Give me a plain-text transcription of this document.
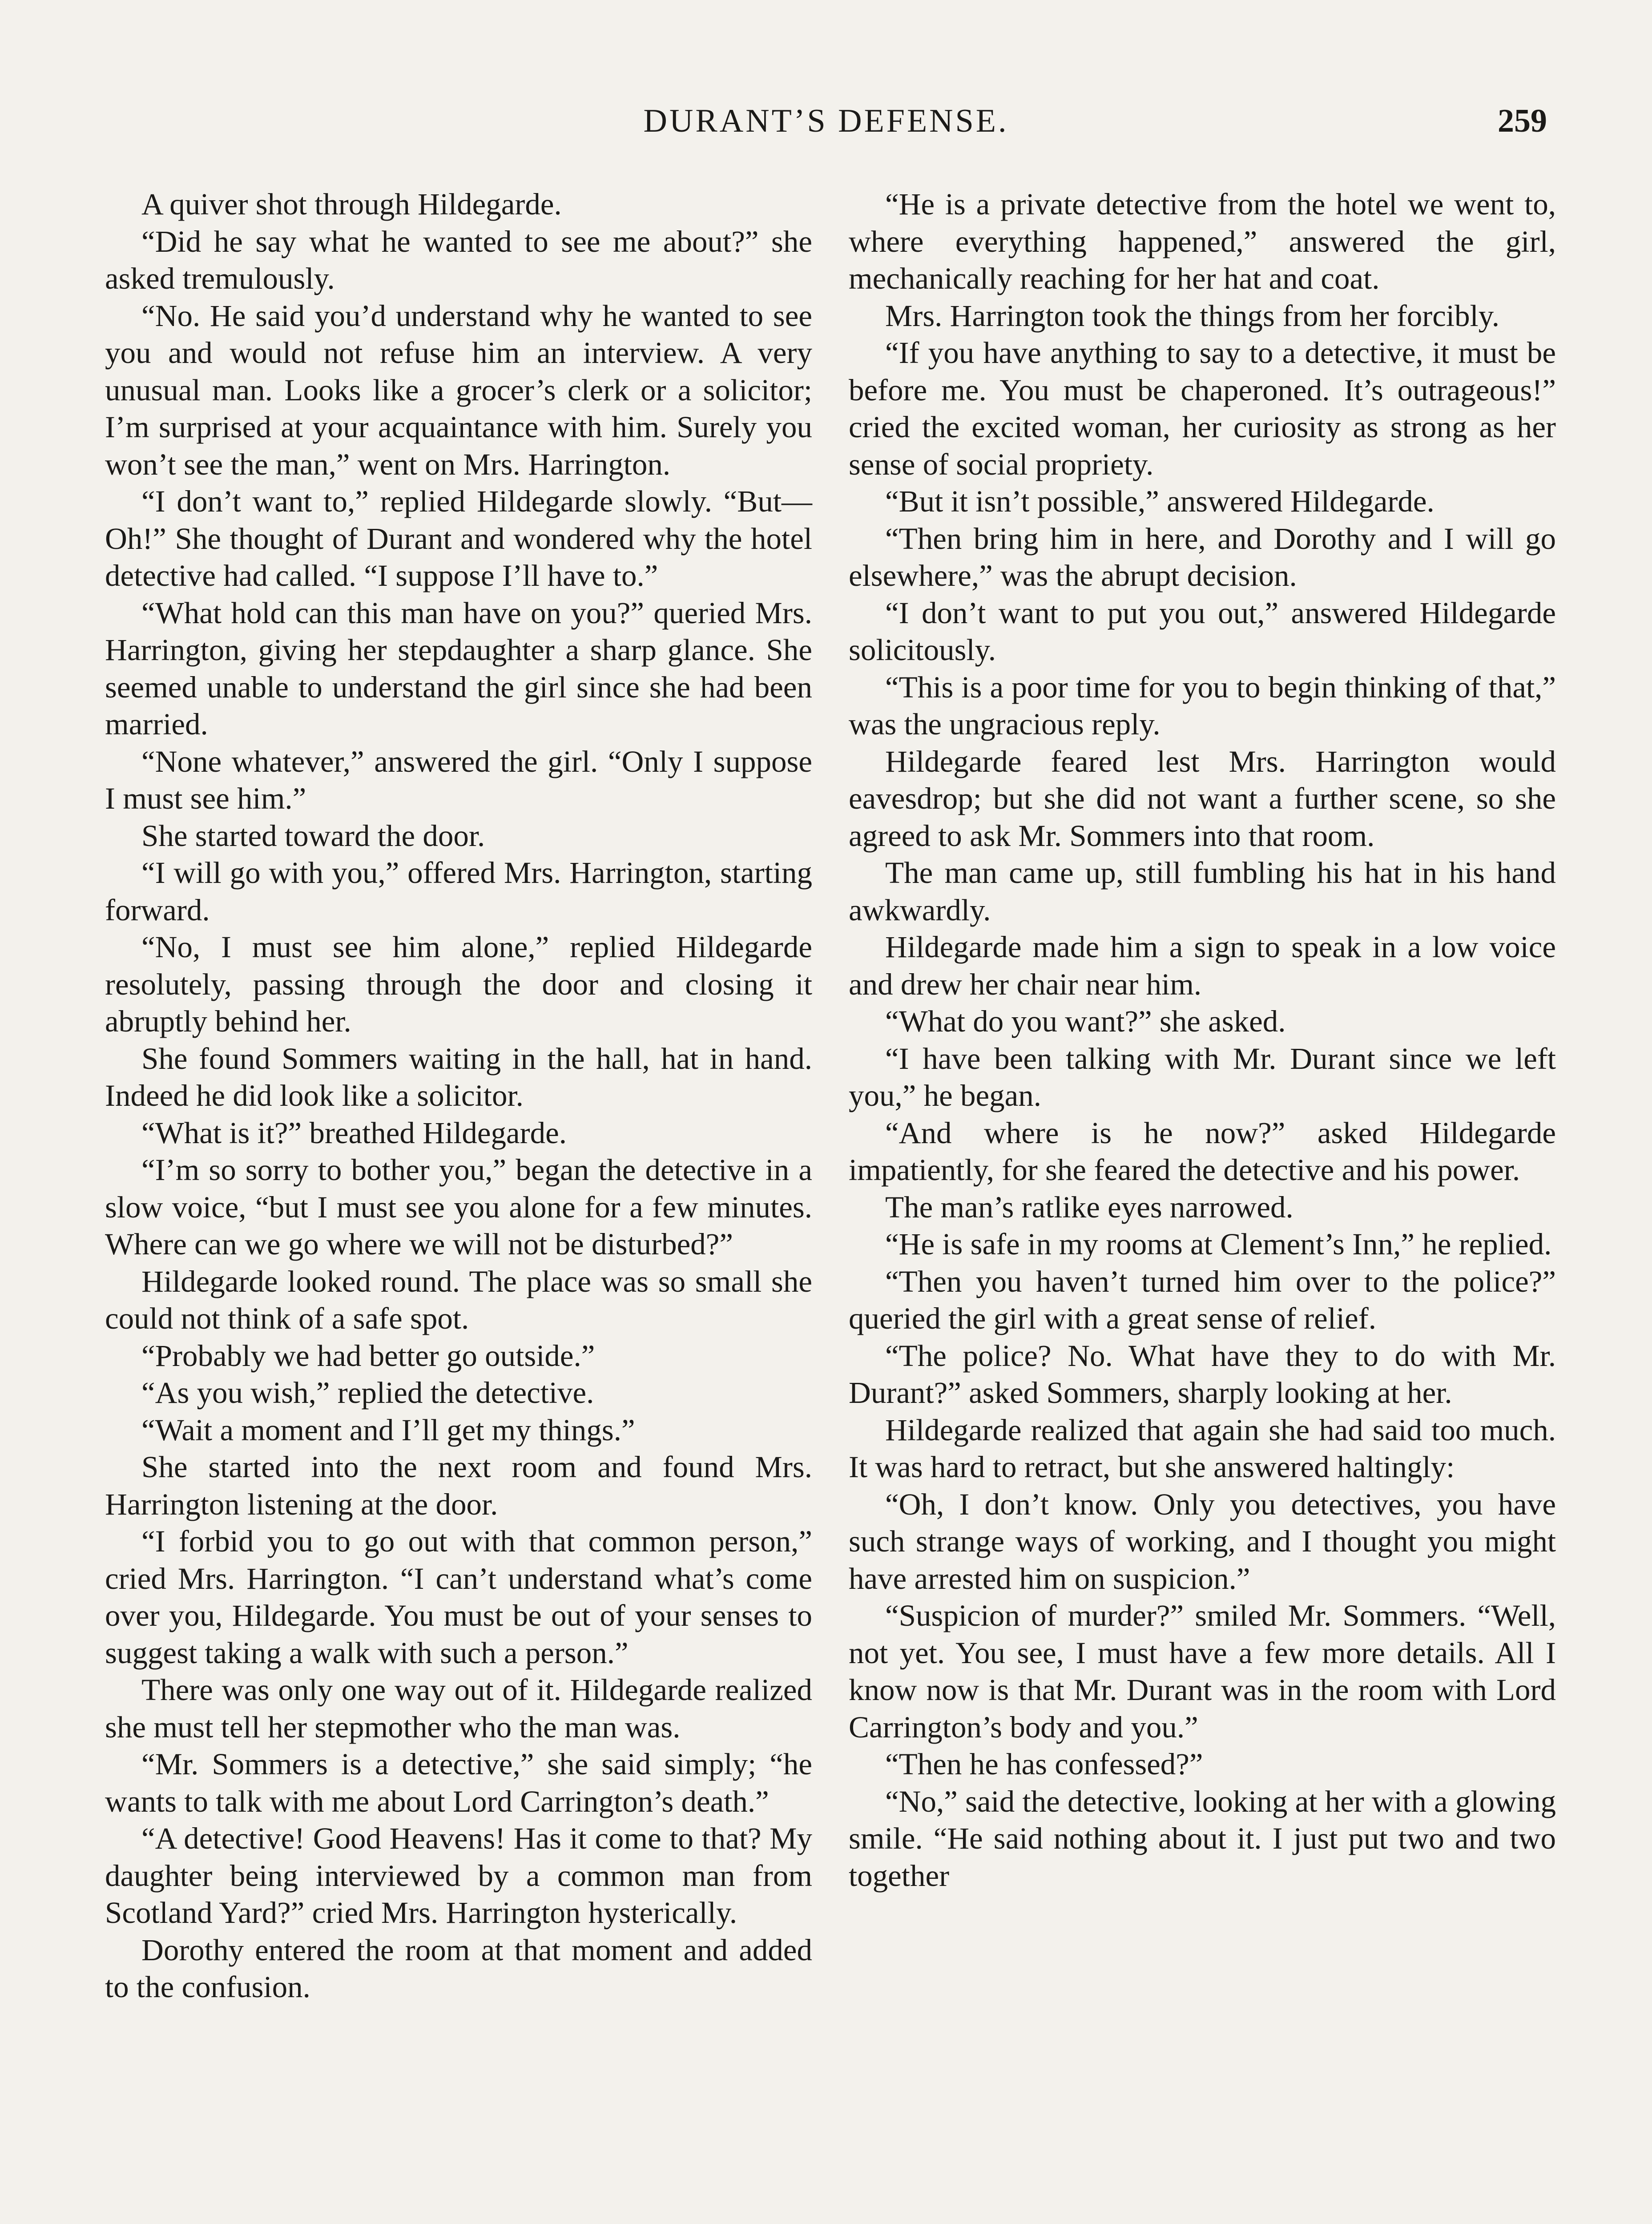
DURANT’S DEFENSE.	259

A quiver shot through Hildegarde.

“Did he say what he wanted to see me about?” she asked tremulously.

“No. He said you’d understand why he wanted to see you and would not refuse him an interview. A very unusual man. Looks like a grocer’s clerk or a solicitor; I’m surprised at your acquaintance with him. Surely you won’t see the man,” went on Mrs. Harrington.

“I don’t want to,” replied Hildegarde slowly. “But— Oh!” She thought of Durant and wondered why the hotel detective had called. “I suppose I’ll have to.”

“What hold can this man have on you?” queried Mrs. Harrington, giving her stepdaughter a sharp glance. She seemed unable to understand the girl since she had been married.

“None whatever,” answered the girl. “Only I suppose I must see him.”

She started toward the door.

“I will go with you,” offered Mrs. Harrington, starting forward.

“No, I must see him alone,” replied Hildegarde resolutely, passing through the door and closing it abruptly behind her.

She found Sommers waiting in the hall, hat in hand. Indeed he did look like a solicitor.

“What is it?” breathed Hildegarde.

“I’m so sorry to bother you,” began the detective in a slow voice, “but I must see you alone for a few minutes. Where can we go where we will not be disturbed?”

Hildegarde looked round. The place was so small she could not think of a safe spot.

“Probably we had better go outside.”

“As you wish,” replied the detective.

“Wait a moment and I’ll get my things.”

She started into the next room and found Mrs. Harrington listening at the door.

“I forbid you to go out with that common person,” cried Mrs. Harrington. “I can’t understand what’s come over you, Hildegarde. You must be out of your senses to suggest taking a walk with such a person.”

There was only one way out of it. Hildegarde realized she must tell her stepmother who the man was.

“Mr. Sommers is a detective,” she said simply; “he wants to talk with me about Lord Carrington’s death.”

“A detective! Good Heavens! Has it come to that? My daughter being interviewed by a common man from Scotland Yard?” cried Mrs. Harrington hysterically.

Dorothy entered the room at that moment and added to the confusion.

“He is a private detective from the hotel we went to, where everything happened,” answered the girl, mechanically reaching for her hat and coat.

Mrs. Harrington took the things from her forcibly.

“If you have anything to say to a detective, it must be before me. You must be chaperoned. It’s outrageous!” cried the excited woman, her curiosity as strong as her sense of social propriety.

“But it isn’t possible,” answered Hildegarde.

“Then bring him in here, and Dorothy and I will go elsewhere,” was the abrupt decision.

“I don’t want to put you out,” answered Hildegarde solicitously.

“This is a poor time for you to begin thinking of that,” was the ungracious reply.

Hildegarde feared lest Mrs. Harrington would eavesdrop; but she did not want a further scene, so she agreed to ask Mr. Sommers into that room.

The man came up, still fumbling his hat in his hand awkwardly.

Hildegarde made him a sign to speak in a low voice and drew her chair near him.

“What do you want?” she asked.

“I have been talking with Mr. Durant since we left you,” he began.

“And where is he now?” asked Hildegarde impatiently, for she feared the detective and his power.

The man’s ratlike eyes narrowed.

“He is safe in my rooms at Clement’s Inn,” he replied.

“Then you haven’t turned him over to the police?” queried the girl with a great sense of relief.

“The police? No. What have they to do with Mr. Durant?” asked Sommers, sharply looking at her.

Hildegarde realized that again she had said too much. It was hard to retract, but she answered haltingly:

“Oh, I don’t know. Only you detectives, you have such strange ways of working, and I thought you might have arrested him on suspicion.”

“Suspicion of murder?” smiled Mr. Sommers. “Well, not yet. You see, I must have a few more details. All I know now is that Mr. Durant was in the room with Lord Carrington’s body and you.”

“Then he has confessed?”

“No,” said the detective, looking at her with a glowing smile. “He said nothing about it. I just put two and two together
